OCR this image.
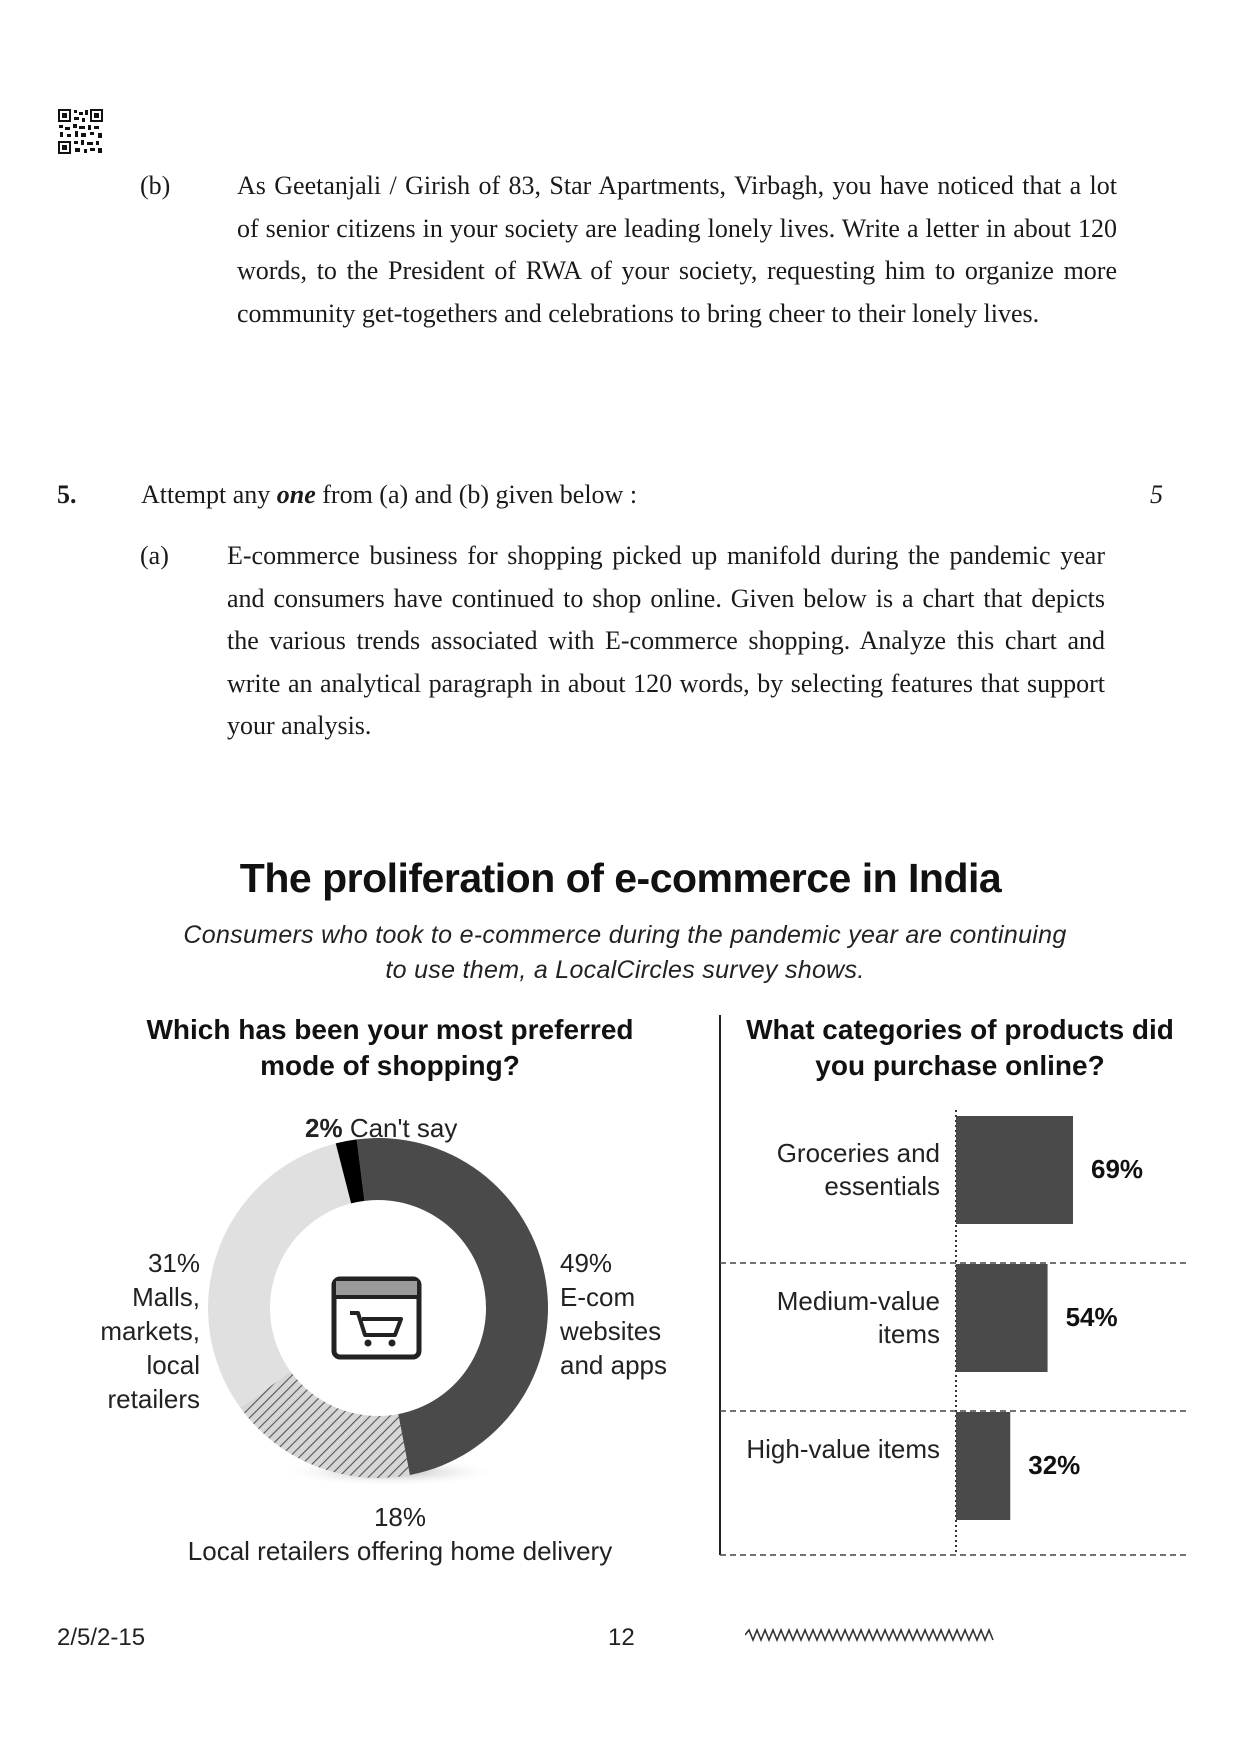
(b)	As Geetanjali / Girish of 83, Star Apartments, Virbagh, you have noticed that a lot of senior citizens in your society are leading lonely lives. Write a letter in about 120 words, to the President of RWA of your society, requesting him to organize more community get-togethers and celebrations to bring cheer to their lonely lives.
5. Attempt any one from (a) and (b) given below :	5
(a) E-commerce business for shopping picked up manifold during the pandemic year and consumers have continued to shop online. Given below is a chart that depicts the various trends associated with E-commerce shopping. Analyze this chart and write an analytical paragraph in about 120 words, by selecting features that support your analysis.
The proliferation of e-commerce in India
Consumers who took to e-commerce during the pandemic year are continuing to use them, a LocalCircles survey shows.
Which has been your most preferred mode of shopping?
2% Can't say
49%
E-com websites and apps
31%
Malls, markets, local retailers
18%
Local retailers offering home delivery
What categories of products did you purchase online?
Groceries and essentials
69%
Medium-value items
54%
High-value items
32%
2/5/2-15	12
